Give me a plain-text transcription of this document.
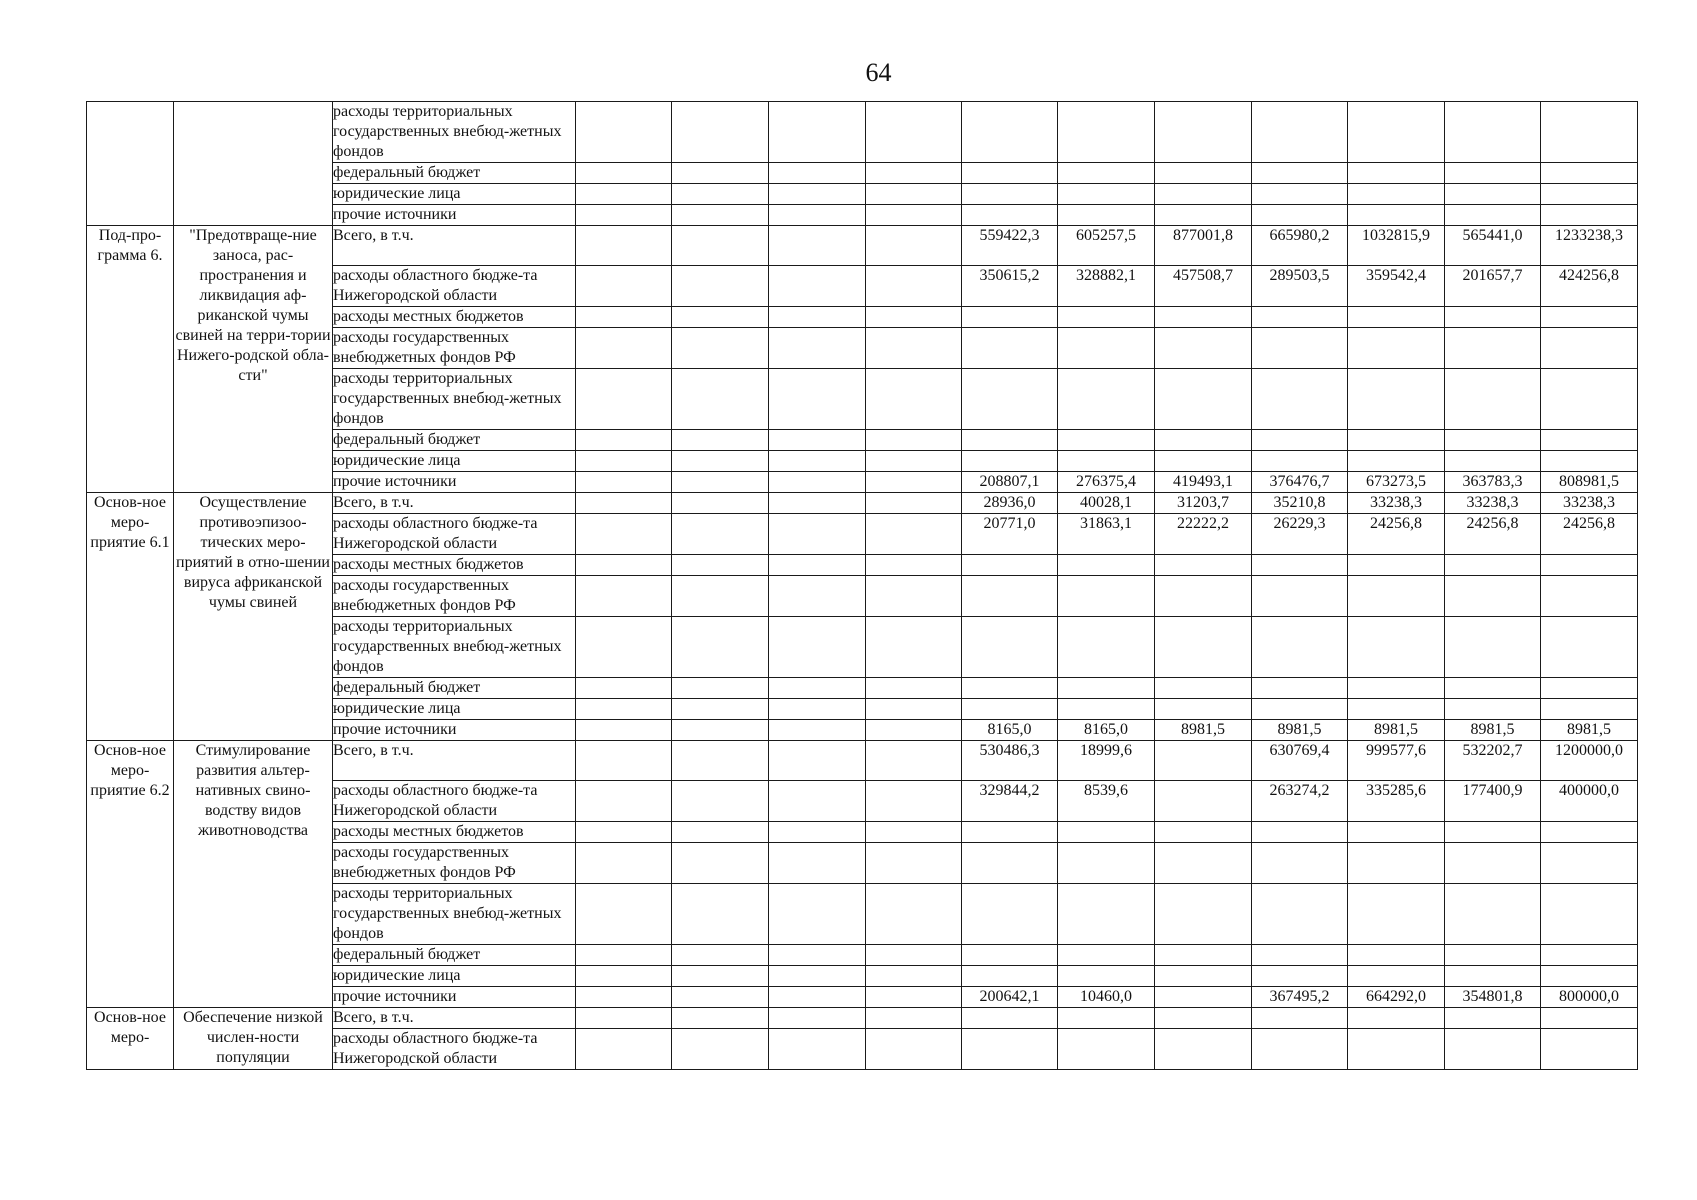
64
		расходы территориальных государственных внебюд-жетных фондов											
		федеральный бюджет											
		юридические лица											
		прочие источники											
Под-про-грамма 6.	"Предотвраще-ние заноса, рас-пространения и ликвидация аф-риканской чумы свиней на терри-тории Нижего-родской обла-сти"	Всего, в т.ч.					559422,3	605257,5	877001,8	665980,2	1032815,9	565441,0	1233238,3
		расходы областного бюдже-та Нижегородской области					350615,2	328882,1	457508,7	289503,5	359542,4	201657,7	424256,8
		расходы местных бюджетов											
		расходы государственных внебюджетных фондов РФ											
		расходы территориальных государственных внебюд-жетных фондов											
		федеральный бюджет											
		юридические лица											
		прочие источники					208807,1	276375,4	419493,1	376476,7	673273,5	363783,3	808981,5
Основ-ное меро-приятие 6.1	Осуществление противоэпизоо-тических меро-приятий в отно-шении вируса африканской чумы свиней	Всего, в т.ч.					28936,0	40028,1	31203,7	35210,8	33238,3	33238,3	33238,3
		расходы областного бюдже-та Нижегородской области					20771,0	31863,1	22222,2	26229,3	24256,8	24256,8	24256,8
		расходы местных бюджетов											
		расходы государственных внебюджетных фондов РФ											
		расходы территориальных государственных внебюд-жетных фондов											
		федеральный бюджет											
		юридические лица											
		прочие источники					8165,0	8165,0	8981,5	8981,5	8981,5	8981,5	8981,5
Основ-ное меро-приятие 6.2	Стимулирование развития альтер-нативных свино-водству видов животноводства	Всего, в т.ч.					530486,3	18999,6		630769,4	999577,6	532202,7	1200000,0
		расходы областного бюдже-та Нижегородской области					329844,2	8539,6		263274,2	335285,6	177400,9	400000,0
		расходы местных бюджетов											
		расходы государственных внебюджетных фондов РФ											
		расходы территориальных государственных внебюд-жетных фондов											
		федеральный бюджет											
		юридические лица											
		прочие источники					200642,1	10460,0		367495,2	664292,0	354801,8	800000,0
Основ-ное меро-	Обеспечение низкой числен-ности популяции	Всего, в т.ч.											
		расходы областного бюдже-та Нижегородской области											
